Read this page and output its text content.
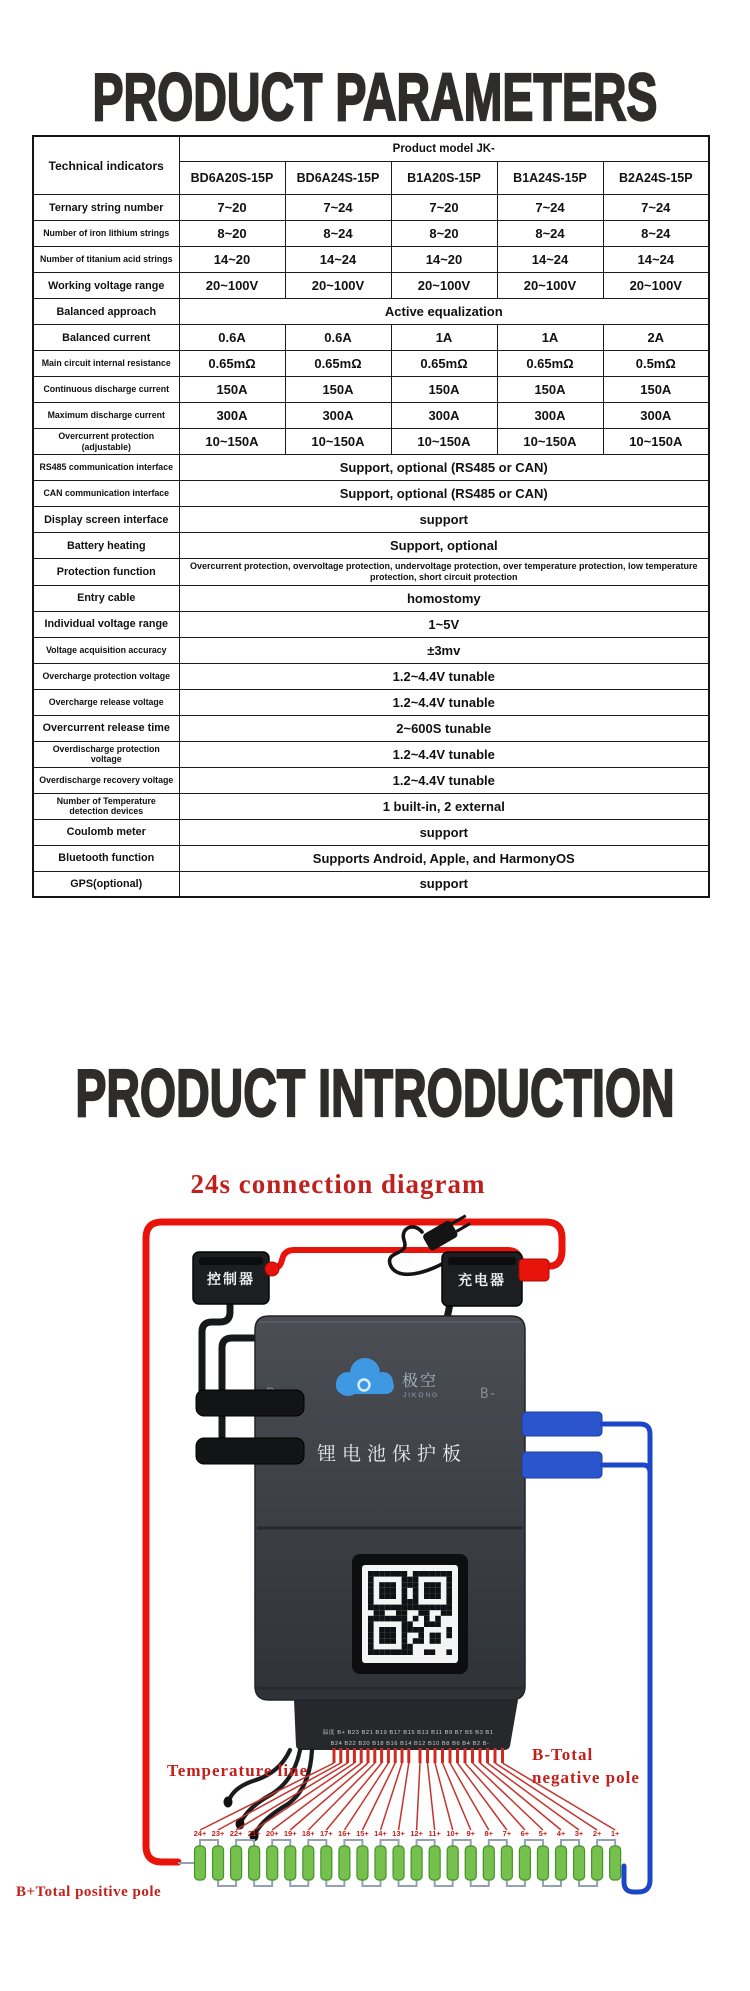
PRODUCT PARAMETERS
Technical indicators	Product model JK-				
	BD6A20S-15P	BD6A24S-15P	B1A20S-15P	B1A24S-15P	B2A24S-15P
Ternary string number	7~20	7~24	7~20	7~24	7~24
Number of iron lithium strings	8~20	8~24	8~20	8~24	8~24
Number of titanium acid strings	14~20	14~24	14~20	14~24	14~24
Working voltage range	20~100V	20~100V	20~100V	20~100V	20~100V
Balanced approach	Active equalization				
Balanced current	0.6A	0.6A	1A	1A	2A
Main circuit internal resistance	0.65mΩ	0.65mΩ	0.65mΩ	0.65mΩ	0.5mΩ
Continuous discharge current	150A	150A	150A	150A	150A
Maximum discharge current	300A	300A	300A	300A	300A
Overcurrent protection (adjustable)	10~150A	10~150A	10~150A	10~150A	10~150A
RS485 communication interface	Support, optional (RS485 or CAN)				
CAN communication interface	Support, optional (RS485 or CAN)				
Display screen interface	support				
Battery heating	Support, optional				
Protection function	Overcurrent protection, overvoltage protection, undervoltage protection, over temperature protection, low temperature protection, short circuit protection				
Entry cable	homostomy				
Individual voltage range	1~5V				
Voltage acquisition accuracy	±3mv				
Overcharge protection voltage	1.2~4.4V tunable				
Overcharge release voltage	1.2~4.4V tunable				
Overcurrent release time	2~600S tunable				
Overdischarge protection voltage	1.2~4.4V tunable				
Overdischarge recovery voltage	1.2~4.4V tunable				
Number of Temperature detection devices	1 built-in, 2 external				
Coulomb meter	support				
Bluetooth function	Supports Android, Apple, and HarmonyOS				
GPS(optional)	support				
PRODUCT INTRODUCTION
24s connection diagram
控制器	充电器
极空
JIKONG	B-
锂电池保护板
温度 B+ B23 B21 B19 B17 B15 B13 B11 B9 B7 B5 B3 B1
B24 B22 B20 B18 B16 B14 B12 B10 B8 B6 B4 B2 B-
24+ 23+ 22+ 21+ 20+ 19+ 18+ 17+ 16+ 15+ 14+ 13+ 12+ 11+ 10+ 9+ 8+ 7+ 6+ 5+ 4+ 3+ 2+ 1+
Temperature line
B-Total
negative pole
B+Total positive pole
